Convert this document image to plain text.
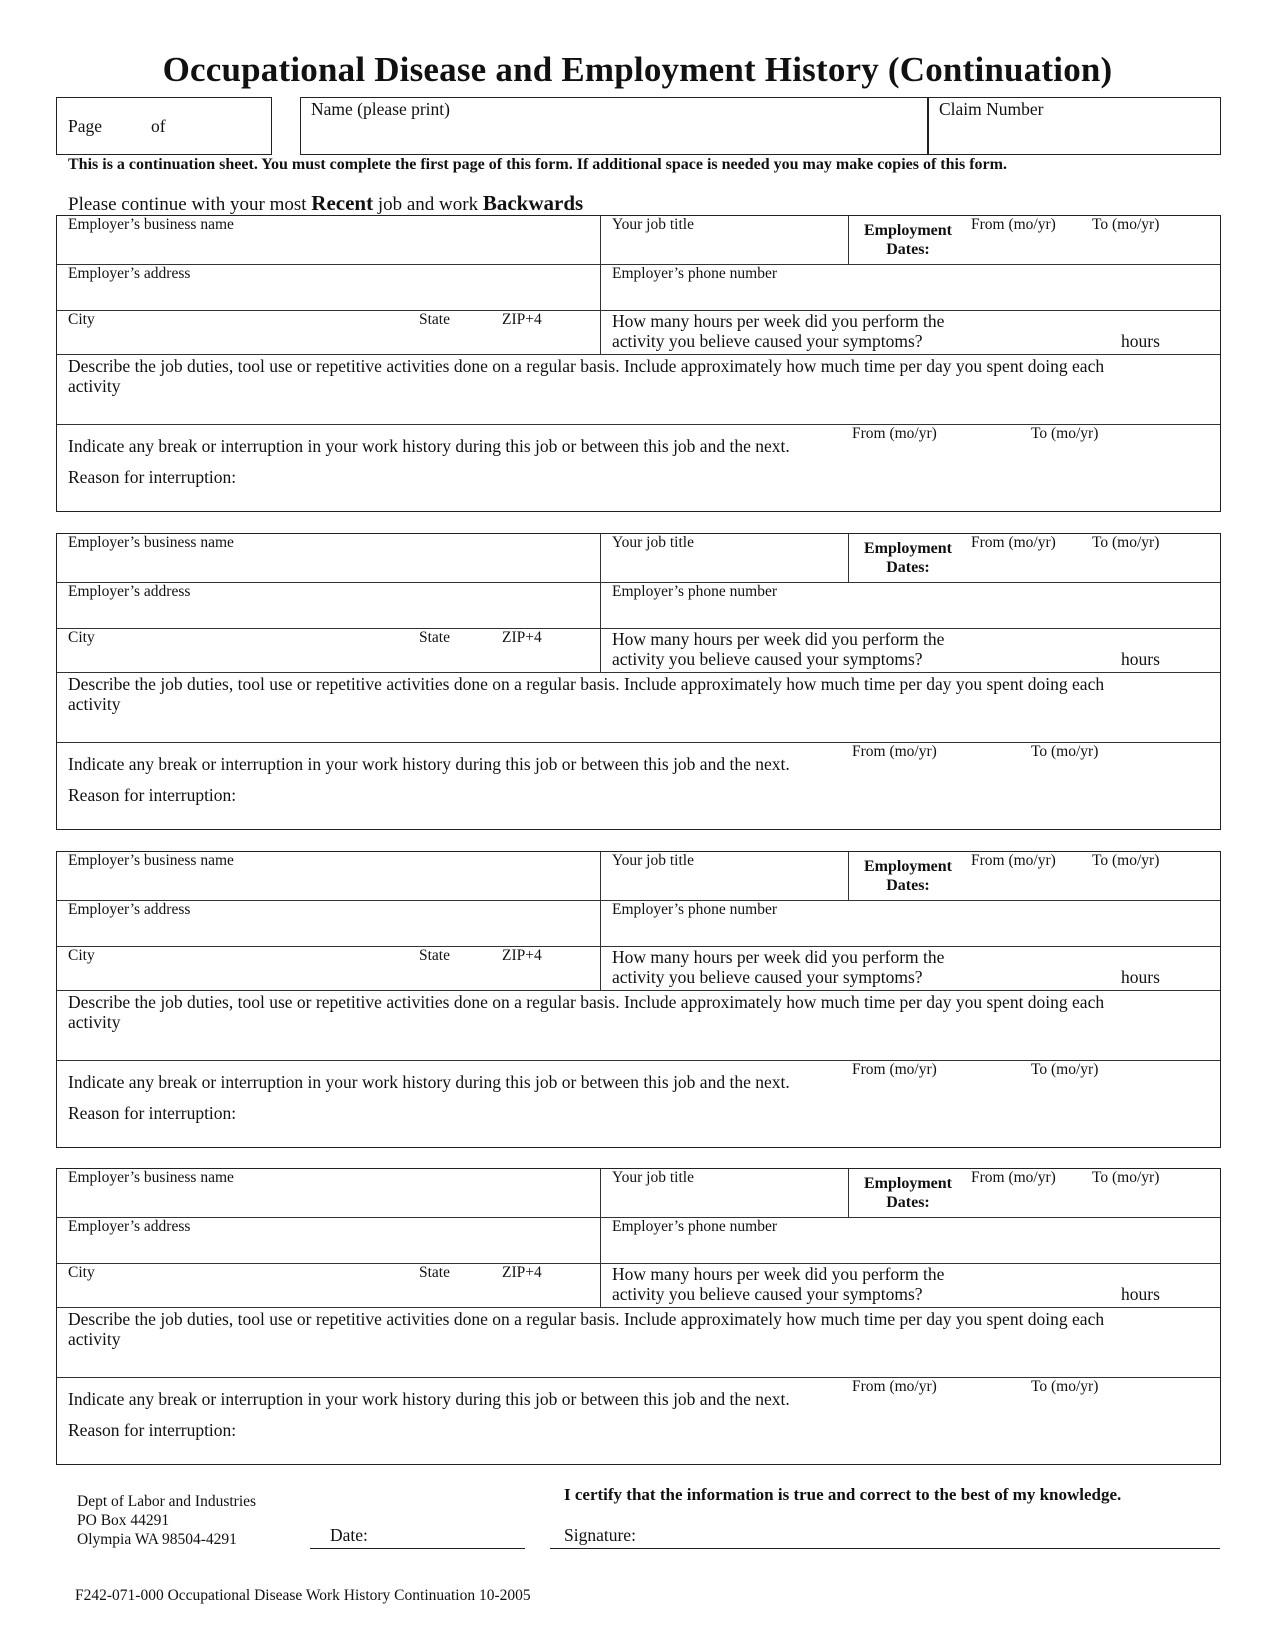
Occupational Disease and Employment History (Continuation)
Page	of
Name (please print)	Claim Number
This is a continuation sheet. You must complete the first page of this form. If additional space is needed you may make copies of this form.
Please continue with your most Recent job and work Backwards
Employer’s business name	Your job title	Employment
Dates:
From (mo/yr) To (mo/yr)
Employer’s address	Employer’s phone number
City	State	ZIP+4	How many hours per week did you perform the
activity you believe caused your symptoms?	hours
Describe the job duties, tool use or repetitive activities done on a regular basis. Include approximately how much time per day you spent doing each
activity
From (mo/yr)	To (mo/yr)
Indicate any break or interruption in your work history during this job or between this job and the next.
Reason for interruption:
Employer’s business name	Your job title	Employment
Dates:
From (mo/yr) To (mo/yr)
Employer’s address	Employer’s phone number
City	State	ZIP+4	How many hours per week did you perform the
activity you believe caused your symptoms?	hours
Describe the job duties, tool use or repetitive activities done on a regular basis. Include approximately how much time per day you spent doing each
activity
From (mo/yr)	To (mo/yr)
Indicate any break or interruption in your work history during this job or between this job and the next.
Reason for interruption:
Employer’s business name	Your job title	Employment
Dates:
From (mo/yr) To (mo/yr)
Employer’s address	Employer’s phone number
City	State	ZIP+4	How many hours per week did you perform the
activity you believe caused your symptoms?	hours
Describe the job duties, tool use or repetitive activities done on a regular basis. Include approximately how much time per day you spent doing each
activity
From (mo/yr)	To (mo/yr)
Indicate any break or interruption in your work history during this job or between this job and the next.
Reason for interruption:
Employer’s business name	Your job title	Employment
Dates:
From (mo/yr) To (mo/yr)
Employer’s address	Employer’s phone number
City	State	ZIP+4	How many hours per week did you perform the
activity you believe caused your symptoms?	hours
Describe the job duties, tool use or repetitive activities done on a regular basis. Include approximately how much time per day you spent doing each
activity
From (mo/yr)	To (mo/yr)
Indicate any break or interruption in your work history during this job or between this job and the next.
Reason for interruption:
Dept of Labor and Industries
PO Box 44291
Olympia WA 98504-4291	Date:
I certify that the information is true and correct to the best of my knowledge.
Signature:
F242-071-000 Occupational Disease Work History Continuation 10-2005
